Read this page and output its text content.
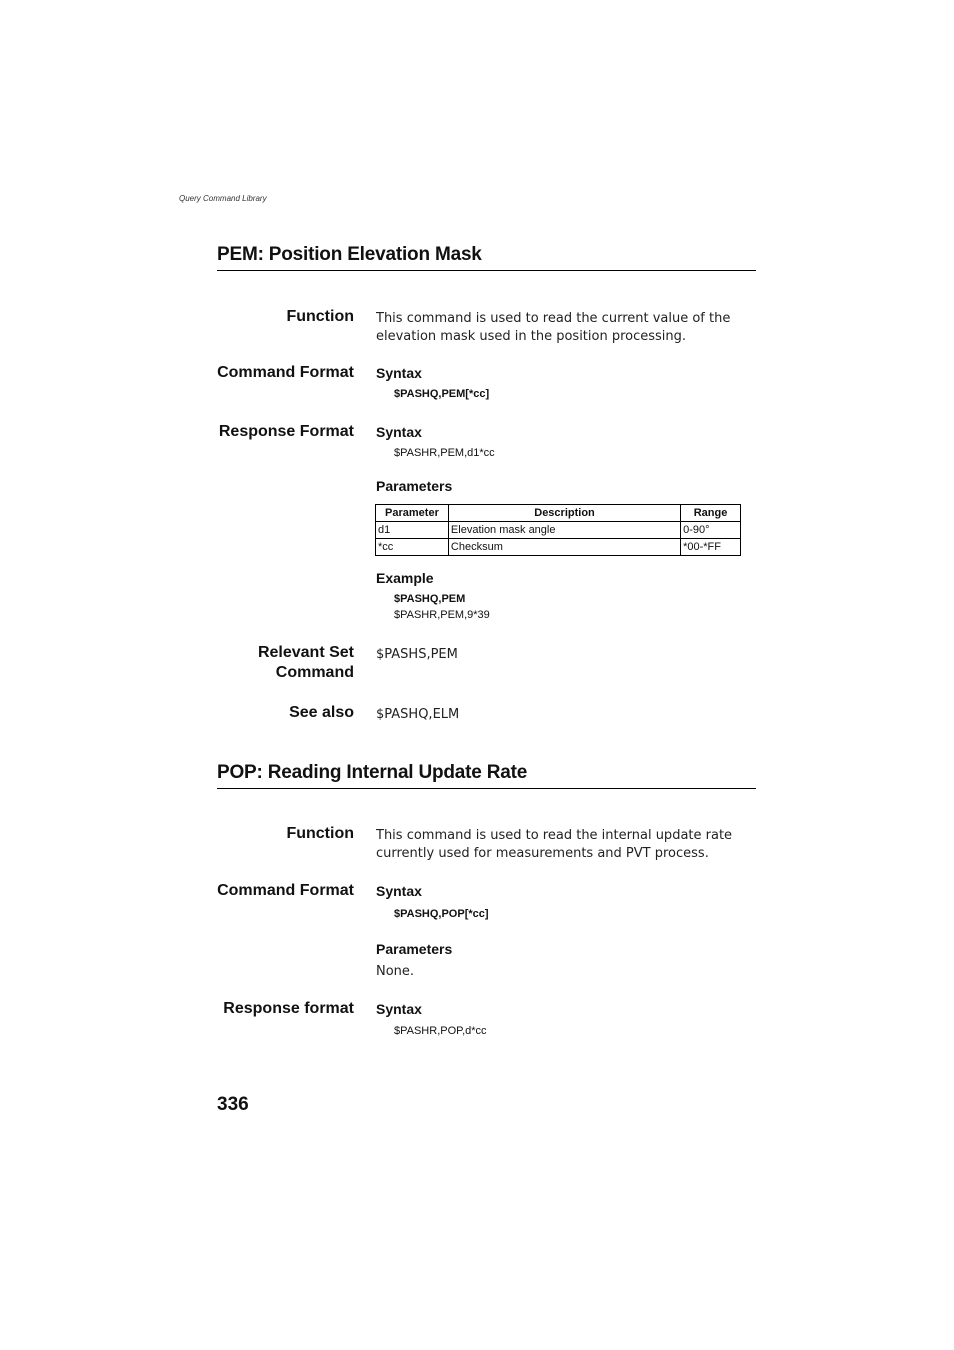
Query Command Library
PEM: Position Elevation Mask
Function This command is used to read the current value of the elevation mask used in the position processing.
Command Format Syntax
$PASHQ,PEM[*cc]
Response Format Syntax
$PASHR,PEM,d1*cc
Parameters
Parameter	Description	Range
d1	Elevation mask angle	0-90°
*cc	Checksum	*00-*FF
Example
$PASHQ,PEM
$PASHR,PEM,9*39
Relevant Set
Command
$PASHS,PEM
See also $PASHQ,ELM
POP: Reading Internal Update Rate
Function This command is used to read the internal update rate currently used for measurements and PVT process.
Command Format Syntax
$PASHQ,POP[*cc]
Parameters
None.
Response format Syntax
$PASHR,POP,d*cc
336
